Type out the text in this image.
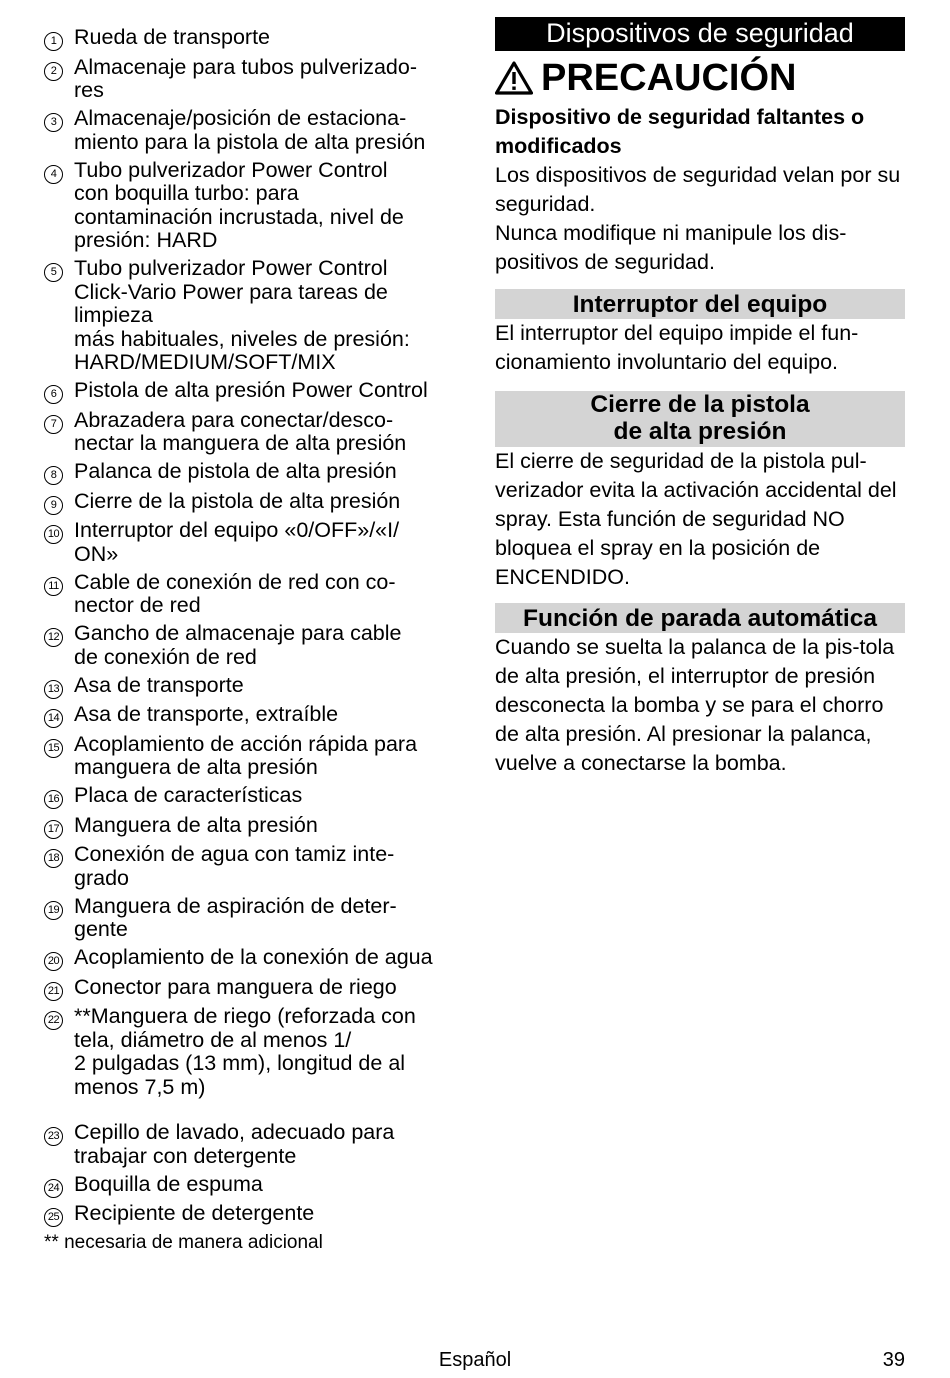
1 Rueda de transporte
2 Almacenaje para tubos pulverizado-
res
3 Almacenaje/posición de estaciona-
miento para la pistola de alta presión
4 Tubo pulverizador Power Control
con boquilla turbo: para
contaminación incrustada, nivel de
presión: HARD
5 Tubo pulverizador Power Control
Click-Vario Power para tareas de
limpieza
más habituales, niveles de presión:
HARD/MEDIUM/SOFT/MIX
6 Pistola de alta presión Power Control
7 Abrazadera para conectar/desco-
nectar la manguera de alta presión
8 Palanca de pistola de alta presión
9 Cierre de la pistola de alta presión
10 Interruptor del equipo «0/OFF»/«I/
ON»
11 Cable de conexión de red con co-
nector de red
12 Gancho de almacenaje para cable
de conexión de red
13 Asa de transporte
14 Asa de transporte, extraíble
15 Acoplamiento de acción rápida para
manguera de alta presión
16 Placa de características
17 Manguera de alta presión
18 Conexión de agua con tamiz inte-
grado
19 Manguera de aspiración de deter-
gente
20 Acoplamiento de la conexión de agua
21 Conector para manguera de riego
22 **Manguera de riego (reforzada con
tela, diámetro de al menos 1/
2 pulgadas (13 mm), longitud de al
menos 7,5 m)
23 Cepillo de lavado, adecuado para
trabajar con detergente
24 Boquilla de espuma
25 Recipiente de detergente
** necesaria de manera adicional
Dispositivos de seguridad
PRECAUCIÓN
Dispositivo de seguridad faltantes o modificados
Los dispositivos de seguridad velan por su seguridad.
Nunca modifique ni manipule los dis-positivos de seguridad.
Interruptor del equipo
El interruptor del equipo impide el fun-cionamiento involuntario del equipo.
Cierre de la pistola
de alta presión
El cierre de seguridad de la pistola pul-verizador evita la activación accidental del spray. Esta función de seguridad NO bloquea el spray en la posición de ENCENDIDO.
Función de parada automática
Cuando se suelta la palanca de la pis-tola de alta presión, el interruptor de presión desconecta la bomba y se para el chorro de alta presión. Al presionar la palanca, vuelve a conectarse la bomba.
Español	39
